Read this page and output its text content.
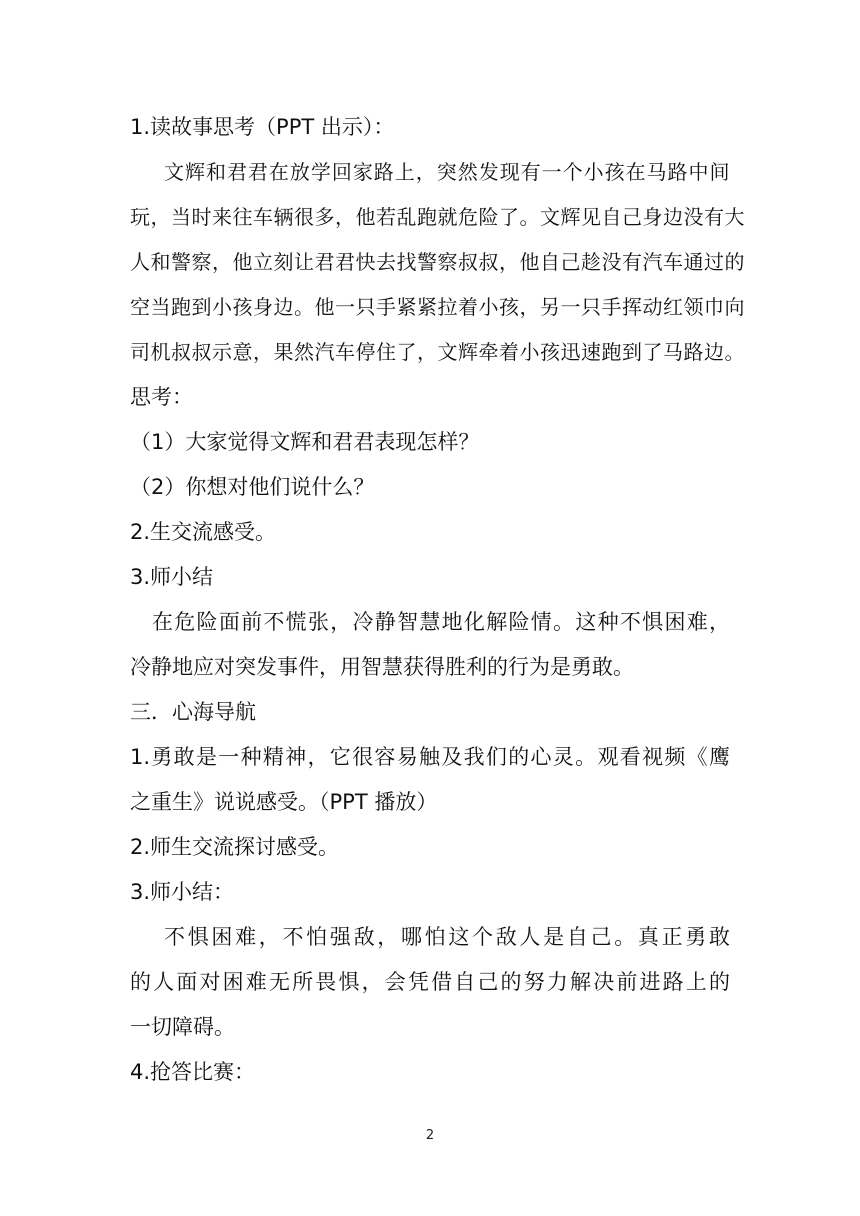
1.读故事思考（PPT 出示）：
文辉和君君在放学回家路上，突然发现有一个小孩在马路中间
玩，当时来往车辆很多，他若乱跑就危险了。文辉见自己身边没有大
人和警察，他立刻让君君快去找警察叔叔，他自己趁没有汽车通过的
空当跑到小孩身边。他一只手紧紧拉着小孩，另一只手挥动红领巾向
司机叔叔示意，果然汽车停住了，文辉牵着小孩迅速跑到了马路边。
思考：
（1）大家觉得文辉和君君表现怎样？
（2）你想对他们说什么？
2.生交流感受。
3.师小结
在危险面前不慌张，冷静智慧地化解险情。这种不惧困难，
冷静地应对突发事件，用智慧获得胜利的行为是勇敢。
三．心海导航
1.勇敢是一种精神，它很容易触及我们的心灵。观看视频《鹰
之重生》说说感受。（PPT 播放）
2.师生交流探讨感受。
3.师小结：
不惧困难，不怕强敌，哪怕这个敌人是自己。真正勇敢
的人面对困难无所畏惧，会凭借自己的努力解决前进路上的
一切障碍。
4.抢答比赛：
2
